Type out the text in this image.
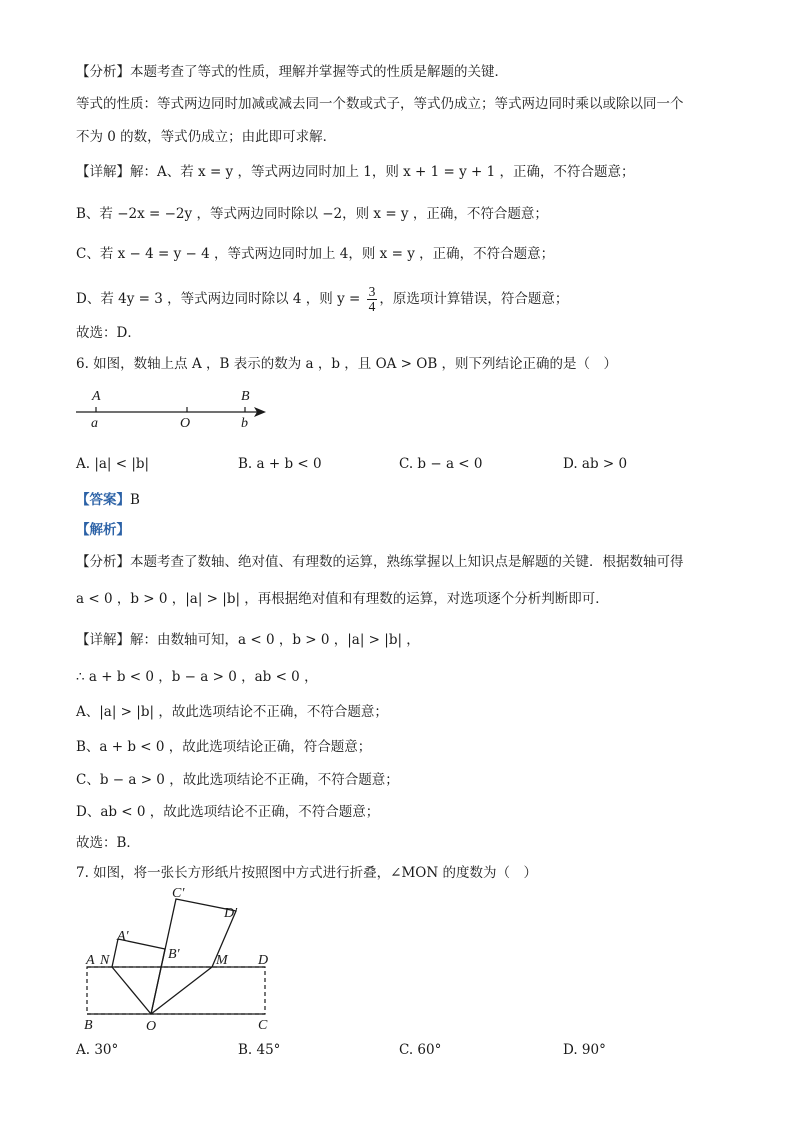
【分析】本题考查了等式的性质，理解并掌握等式的性质是解题的关键．
等式的性质：等式两边同时加减或减去同一个数或式子，等式仍成立；等式两边同时乘以或除以同一个
不为 0 的数，等式仍成立；由此即可求解．
【详解】解：A、若 x = y ，等式两边同时加上 1，则 x + 1 = y + 1 ，正确，不符合题意；
B、若 −2x = −2y ，等式两边同时除以 −2，则 x = y ，正确，不符合题意；
C、若 x − 4 = y − 4 ，等式两边同时加上 4，则 x = y ，正确，不符合题意；
D、若 4y = 3 ，等式两边同时除以 4 ，则 $y = \frac{3}{4}$ ，原选项计算错误，符合题意；
故选：D．
6. 如图，数轴上点 A ，B 表示的数为 a ，b ，且 OA > OB ，则下列结论正确的是（　）
A	B
a	O	b
A. |a| < |b|	B. a + b < 0	C. b − a < 0	D. ab > 0
【答案】B
【解析】
【分析】本题考查了数轴、绝对值、有理数的运算，熟练掌握以上知识点是解题的关键．根据数轴可得
a < 0 ，b > 0 ，|a| > |b| ，再根据绝对值和有理数的运算，对选项逐个分析判断即可．
【详解】解：由数轴可知，a < 0 ，b > 0 ，|a| > |b| ，
∴ a + b < 0 ，b − a > 0 ，ab < 0 ，
A、|a| > |b| ，故此选项结论不正确，不符合题意；
B、a + b < 0 ，故此选项结论正确，符合题意；
C、b − a > 0 ，故此选项结论不正确，不符合题意；
D、ab < 0 ，故此选项结论不正确，不符合题意；
故选：B．
7. 如图，将一张长方形纸片按照图中方式进行折叠，∠MON 的度数为（　）
C′
D′
A′
B′
A N	M D
B	O	C
A. 30°	B. 45°	C. 60°	D. 90°
